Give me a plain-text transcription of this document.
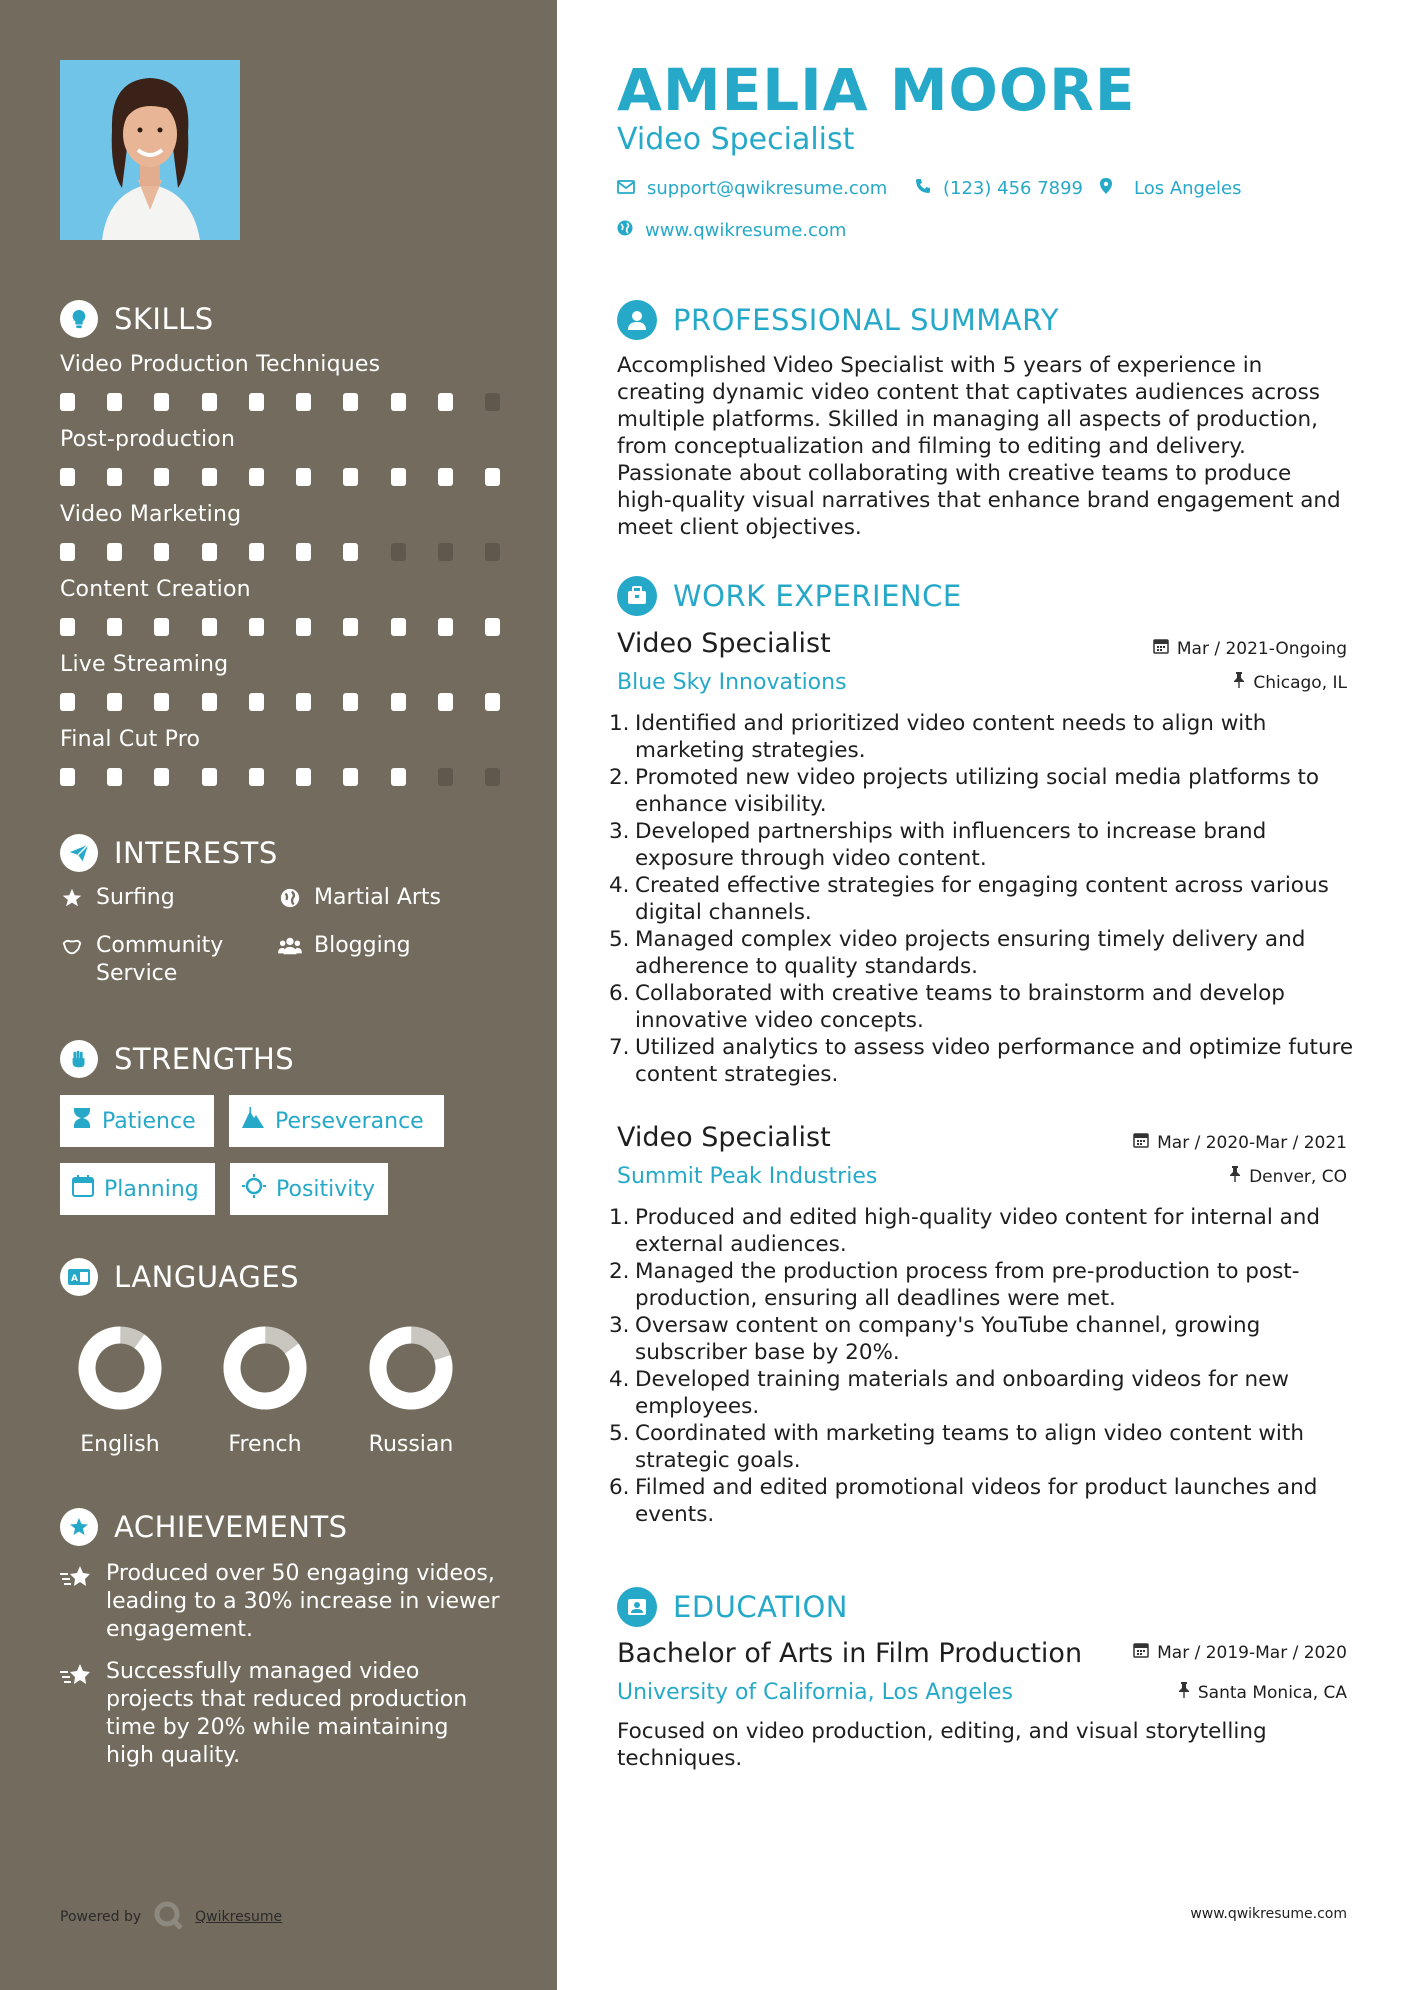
SKILLS
Video Production Techniques
Post-production
Video Marketing
Content Creation
Live Streaming
Final Cut Pro
INTERESTS
Surfing	Martial Arts
Community Service
Blogging
STRENGTHS
Patience	Perseverance
Planning	Positivity
A LANGUAGES
English	French	Russian
ACHIEVEMENTS
Produced over 50 engaging videos, leading to a 30% increase in viewer engagement.
Successfully managed video projects that reduced production time by 20% while maintaining high quality.
Powered by	Qwikresume
AMELIA MOORE
Video Specialist
support@qwikresume.com	(123) 456 7899	Los Angeles
www.qwikresume.com
PROFESSIONAL SUMMARY
Accomplished Video Specialist with 5 years of experience in creating dynamic video content that captivates audiences across multiple platforms. Skilled in managing all aspects of production, from conceptualization and filming to editing and delivery. Passionate about collaborating with creative teams to produce high-quality visual narratives that enhance brand engagement and meet client objectives.
WORK EXPERIENCE
Video Specialist	Mar / 2021-Ongoing
Blue Sky Innovations	Chicago, IL
1. Identified and prioritized video content needs to align with marketing strategies.
2. Promoted new video projects utilizing social media platforms to enhance visibility.
3. Developed partnerships with influencers to increase brand exposure through video content.
4. Created effective strategies for engaging content across various digital channels.
5. Managed complex video projects ensuring timely delivery and adherence to quality standards.
6. Collaborated with creative teams to brainstorm and develop innovative video concepts.
7. Utilized analytics to assess video performance and optimize future content strategies.
Video Specialist	Mar / 2020-Mar / 2021
Summit Peak Industries	Denver, CO
1. Produced and edited high-quality video content for internal and external audiences.
2. Managed the production process from pre-production to post-production, ensuring all deadlines were met.
3. Oversaw content on company's YouTube channel, growing subscriber base by 20%.
4. Developed training materials and onboarding videos for new employees.
5. Coordinated with marketing teams to align video content with strategic goals.
6. Filmed and edited promotional videos for product launches and events.
EDUCATION
Bachelor of Arts in Film Production	Mar / 2019-Mar / 2020
University of California, Los Angeles	Santa Monica, CA
Focused on video production, editing, and visual storytelling techniques.
www.qwikresume.com
